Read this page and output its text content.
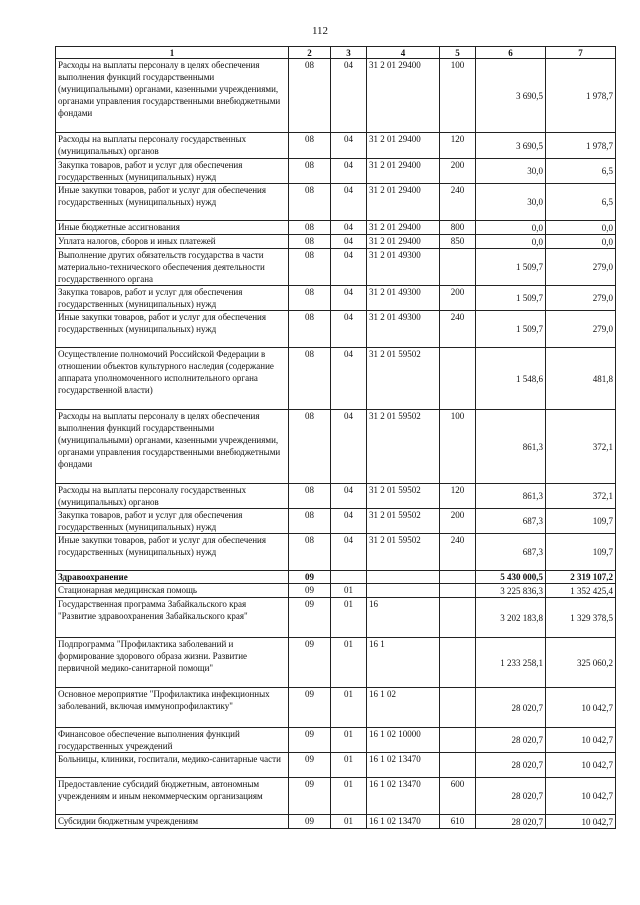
112
1	2	3	4	5	6	7
Расходы на выплаты персоналу в целях обеспечения выполнения функций государственными (муниципальными) органами, казенными учреждениями, органами управления государственными внебюджетными фондами	08	04	31 2 01 29400	100	3 690,5	1 978,7
Расходы на выплаты персоналу государственных (муниципальных) органов	08	04	31 2 01 29400	120	3 690,5	1 978,7
Закупка товаров, работ и услуг для обеспечения государственных (муниципальных) нужд	08	04	31 2 01 29400	200	30,0	6,5
Иные закупки товаров, работ и услуг для обеспечения государственных (муниципальных) нужд	08	04	31 2 01 29400	240	30,0	6,5
Иные бюджетные ассигнования	08	04	31 2 01 29400	800	0,0	0,0
Уплата налогов, сборов и иных платежей	08	04	31 2 01 29400	850	0,0	0,0
Выполнение других обязательств государства в части материально-технического обеспечения деятельности государственного органа	08	04	31 2 01 49300		1 509,7	279,0
Закупка товаров, работ и услуг для обеспечения государственных (муниципальных) нужд	08	04	31 2 01 49300	200	1 509,7	279,0
Иные закупки товаров, работ и услуг для обеспечения государственных (муниципальных) нужд	08	04	31 2 01 49300	240	1 509,7	279,0
Осуществление полномочий Российской Федерации в отношении объектов культурного наследия (содержание аппарата уполномоченного исполнительного органа государственной власти)	08	04	31 2 01 59502		1 548,6	481,8
Расходы на выплаты персоналу в целях обеспечения выполнения функций государственными (муниципальными) органами, казенными учреждениями, органами управления государственными внебюджетными фондами	08	04	31 2 01 59502	100	861,3	372,1
Расходы на выплаты персоналу государственных (муниципальных) органов	08	04	31 2 01 59502	120	861,3	372,1
Закупка товаров, работ и услуг для обеспечения государственных (муниципальных) нужд	08	04	31 2 01 59502	200	687,3	109,7
Иные закупки товаров, работ и услуг для обеспечения государственных (муниципальных) нужд	08	04	31 2 01 59502	240	687,3	109,7
Здравоохранение	09				5 430 000,5	2 319 107,2
Стационарная медицинская помощь	09	01			3 225 836,3	1 352 425,4
Государственная программа Забайкальского края "Развитие здравоохранения Забайкальского края"	09	01	16		3 202 183,8	1 329 378,5
Подпрограмма "Профилактика заболеваний и формирование здорового образа жизни. Развитие первичной медико-санитарной помощи"	09	01	16 1		1 233 258,1	325 060,2
Основное мероприятие "Профилактика инфекционных заболеваний, включая иммунопрофилактику"	09	01	16 1 02		28 020,7	10 042,7
Финансовое обеспечение выполнения функций государственных учреждений	09	01	16 1 02 10000		28 020,7	10 042,7
Больницы, клиники, госпитали, медико-санитарные части	09	01	16 1 02 13470		28 020,7	10 042,7
Предоставление субсидий бюджетным, автономным учреждениям и иным некоммерческим организациям	09	01	16 1 02 13470	600	28 020,7	10 042,7
Субсидии бюджетным учреждениям	09	01	16 1 02 13470	610	28 020,7	10 042,7
